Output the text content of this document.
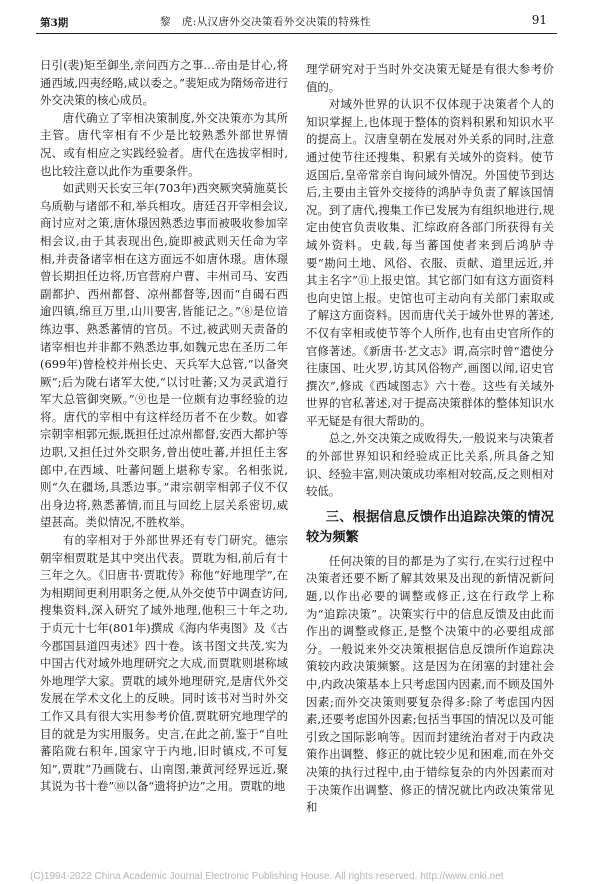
第3期	黎　虎:从汉唐外交决策看外交决策的特殊性	91

日引(裴)矩至御坐,亲问西方之事…帝由是甘心,将通西域,四夷经略,咸以委之。”裴矩成为隋炀帝进行外交决策的核心成员。

唐代确立了宰相决策制度,外交决策亦为其所主管。唐代宰相有不少是比较熟悉外部世界情况、或有相应之实践经验者。唐代在选拔宰相时,也比较注意以此作为重要条件。

如武则天长安三年(703年)西突厥突骑施莫长乌质勒与诸部不和,举兵相攻。唐廷召开宰相会议,商讨应对之策,唐休璟因熟悉边事而被吸收参加宰相会议,由于其表现出色,旋即被武则天任命为宰相,并责备诸宰相在这方面远不如唐休璟。唐休璟曾长期担任边将,历官营府户曹、丰州司马、安西副都护、西州都督、凉州都督等,因而“自碣石西逾四镇,绵亘万里,山川要害,皆能记之。”⑧是位谙练边事、熟悉蕃情的官员。不过,被武则天责备的诸宰相也并非都不熟悉边事,如魏元忠在圣历二年(699年)曾检校并州长史、天兵军大总管,“以备突厥”;后为陇右诸军大使,“以讨吐蕃;又为灵武道行军大总管御突厥。”⑨也是一位颇有边事经验的边将。唐代的宰相中有这样经历者不在少数。如睿宗朝宰相郭元振,既担任过凉州都督,安西大都护等边职,又担任过外交职务,曾出使吐蕃,并担任主客郎中,在西域、吐蕃问题上堪称专家。名相张说,则“久在疆场,具悉边事。”肃宗朝宰相郭子仪不仅出身边将,熟悉蕃情,而且与回纥上层关系密切,威望甚高。类似情况,不胜枚举。

有的宰相对于外部世界还有专门研究。德宗朝宰相贾耽是其中突出代表。贾耽为相,前后有十三年之久。《旧唐书·贾耽传》称他“好地理学”,在为相期间更利用职务之便,从外交使节中调查访问,搜集资料,深入研究了域外地理,他积三十年之功,于贞元十七年(801年)撰成《海内华夷图》及《古今郡国县道四夷述》四十卷。该书图文共茂,实为中国古代对域外地理研究之大成,而贾耽则堪称域外地理学大家。贾耽的域外地理研究,是唐代外交发展在学术文化上的反映。同时该书对当时外交工作又具有很大实用参考价值,贾耽研究地理学的目的就是为实用服务。史言,在此之前,鉴于“自吐蕃陷陇右积年,国家守于内地,旧时镇戍,不可复知”,贾耽“乃画陇右、山南图,兼黄河经界远近,聚其说为书十卷”⑩以备“遗将护边”之用。贾耽的地

理学研究对于当时外交决策无疑是有很大参考价值的。

对域外世界的认识不仅体现于决策者个人的知识掌握上,也体现于整体的资料积累和知识水平的提高上。汉唐皇朝在发展对外关系的同时,注意通过使节往还搜集、积累有关域外的资料。使节返国后,皇帝常亲自询问域外情况。外国使节到达后,主要由主管外交接待的鸿胪寺负责了解该国情况。到了唐代,搜集工作已发展为有组织地进行,规定由使官负责收集、汇综政府各部门所获得有关域外资料。史载,每当蕃国使者来到后鸿胪寺要“勘问土地、风俗、衣服、贡献、道里远近,并其主名字”⑪上报史馆。其它部门如有这方面资料也向史馆上报。史馆也可主动向有关部门索取或了解这方面资料。因而唐代关于域外世界的著述,不仅有宰相或使节等个人所作,也有由史官所作的官修著述。《新唐书·艺文志》谓,高宗时曾“遣使分往康国、吐火罗,访其风俗物产,画图以闻,诏史官撰次”,修成《西域图志》六十卷。这些有关域外世界的官私著述,对于提高决策群体的整体知识水平无疑是有很大帮助的。

总之,外交决策之成败得失,一般说来与决策者的外部世界知识和经验成正比关系,所具备之知识、经验丰富,则决策成功率相对较高,反之则相对较低。

三、根据信息反馈作出追踪决策的情况较为频繁

任何决策的目的都是为了实行,在实行过程中决策者还要不断了解其效果及出现的新情况新问题,以作出必要的调整或修正,这在行政学上称为“追踪决策”。决策实行中的信息反馈及由此而作出的调整或修正,是整个决策中的必要组成部分。一般说来外交决策根据信息反馈所作追踪决策较内政决策频繁。这是因为在闭塞的封建社会中,内政决策基本上只考虑国内因素,而不顾及国外因素;而外交决策则要复杂得多:除了考虑国内因素,还要考虑国外因素;包括当事国的情况以及可能引致之国际影响等。因而封建统治者对于内政决策作出调整、修正的就比较少见和困难,而在外交决策的执行过程中,由于错综复杂的内外因素而对于决策作出调整、修正的情况就比内政决策常见和

(C)1994-2022 China Academic Journal Electronic Publishing House. All rights reserved. http://www.cnki.net
